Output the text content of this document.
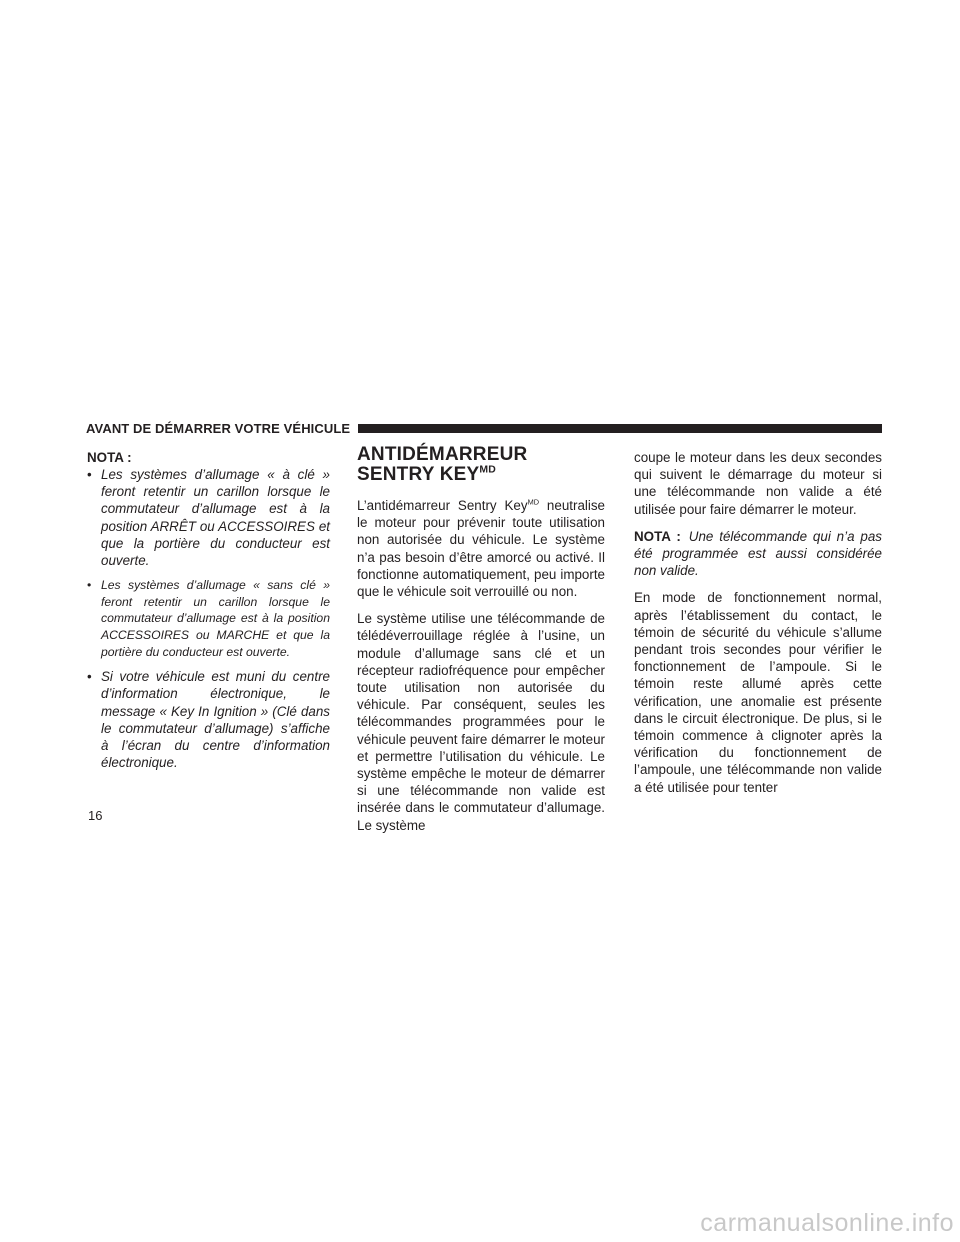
AVANT DE DÉMARRER VOTRE VÉHICULE

NOTA :

• Les systèmes d’allumage « à clé » feront retentir un carillon lorsque le commutateur d’allumage est à la position ARRÊT ou ACCESSOIRES et que la portière du conducteur est ouverte.
• Les systèmes d’allumage « sans clé » feront retentir un carillon lorsque le commutateur d’allumage est à la position ACCESSOIRES ou MARCHE et que la portière du conducteur est ouverte.
• Si votre véhicule est muni du centre d’information électronique, le message « Key In Ignition » (Clé dans le commutateur d’allumage) s’affiche à l’écran du centre d’information électronique.
ANTIDÉMARREUR SENTRY $KEY^{MD}$

L’antidémarreur Sentry Key$^{MD}$ neutralise le moteur pour prévenir toute utilisation non autorisée du véhicule. Le système n’a pas besoin d’être amorcé ou activé. Il fonctionne automatiquement, peu importe que le véhicule soit verrouillé ou non.

Le système utilise une télécommande de télédéverrouillage réglée à l’usine, un module d’allumage sans clé et un récepteur radiofréquence pour empêcher toute utilisation non autorisée du véhicule. Par conséquent, seules les télécommandes programmées pour le véhicule peuvent faire démarrer le moteur et permettre l’utilisation du véhicule. Le système empêche le moteur de démarrer si une télécommande non valide est insérée dans le commutateur d’allumage. Le système

coupe le moteur dans les deux secondes qui suivent le démarrage du moteur si une télécommande non valide a été utilisée pour faire démarrer le moteur.

NOTA : Une télécommande qui n’a pas été programmée est aussi considérée non valide.

En mode de fonctionnement normal, après l’établissement du contact, le témoin de sécurité du véhicule s’allume pendant trois secondes pour vérifier le fonctionnement de l’ampoule. Si le témoin reste allumé après cette vérification, une anomalie est présente dans le circuit électronique. De plus, si le témoin commence à clignoter après la vérification du fonctionnement de l’ampoule, une télécommande non valide a été utilisée pour tenter

16
carmanualsonline.info
